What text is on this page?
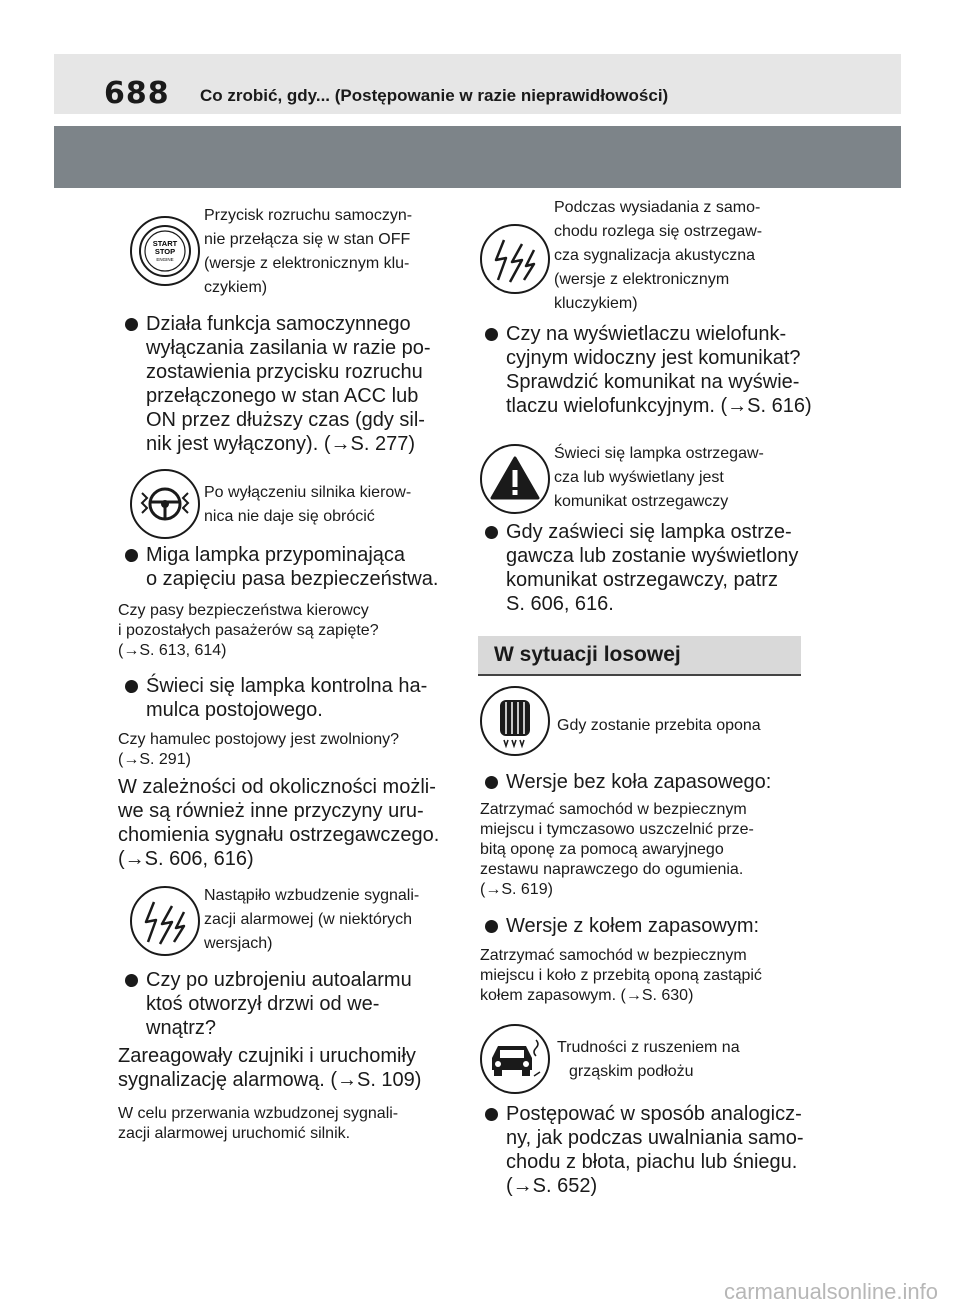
688 Co zrobić, gdy... (Postępowanie w razie nieprawidłowości)
START
STOP
ENGINE
Przycisk rozruchu samoczyn-
nie przełącza się w stan OFF
(wersje z elektronicznym klu-
czykiem)
Działa funkcja samoczynnego
wyłączania zasilania w razie po-
zostawienia przycisku rozruchu
przełączonego w stan ACC lub
ON przez dłuższy czas (gdy sil-
nik jest wyłączony). (→S. 277)
Po wyłączeniu silnika kierow-
nica nie daje się obrócić
Miga lampka przypominająca
o zapięciu pasa bezpieczeństwa.
Czy pasy bezpieczeństwa kierowcy
i pozostałych pasażerów są zapięte?
(→S. 613, 614)
Świeci się lampka kontrolna ha-
mulca postojowego.
Czy hamulec postojowy jest zwolniony?
(→S. 291)
W zależności od okoliczności możli-
we są również inne przyczyny uru-
chomienia sygnału ostrzegawczego.
(→S. 606, 616)
Nastąpiło wzbudzenie sygnali-
zacji alarmowej (w niektórych
wersjach)
Czy po uzbrojeniu autoalarmu
ktoś otworzył drzwi od we-
wnątrz?
Zareagowały czujniki i uruchomiły
sygnalizację alarmową. (→S. 109)
W celu przerwania wzbudzonej sygnali-
zacji alarmowej uruchomić silnik.
Podczas wysiadania z samo-
chodu rozlega się ostrzegaw-
cza sygnalizacja akustyczna
(wersje z elektronicznym
kluczykiem)
Czy na wyświetlaczu wielofunk-
cyjnym widoczny jest komunikat?
Sprawdzić komunikat na wyświe-
tlaczu wielofunkcyjnym. (→S. 616)
Świeci się lampka ostrzegaw-
cza lub wyświetlany jest
komunikat ostrzegawczy
Gdy zaświeci się lampka ostrze-
gawcza lub zostanie wyświetlony
komunikat ostrzegawczy, patrz
S. 606, 616.
W sytuacji losowej
Gdy zostanie przebita opona
Wersje bez koła zapasowego:
Zatrzymać samochód w bezpiecznym
miejscu i tymczasowo uszczelnić prze-
bitą oponę za pomocą awaryjnego
zestawu naprawczego do ogumienia.
(→S. 619)
Wersje z kołem zapasowym:
Zatrzymać samochód w bezpiecznym
miejscu i koło z przebitą oponą zastąpić
kołem zapasowym. (→S. 630)
Trudności z ruszeniem na
grząskim podłożu
Postępować w sposób analogicz-
ny, jak podczas uwalniania samo-
chodu z błota, piachu lub śniegu.
(→S. 652)
carmanualsonline.info
